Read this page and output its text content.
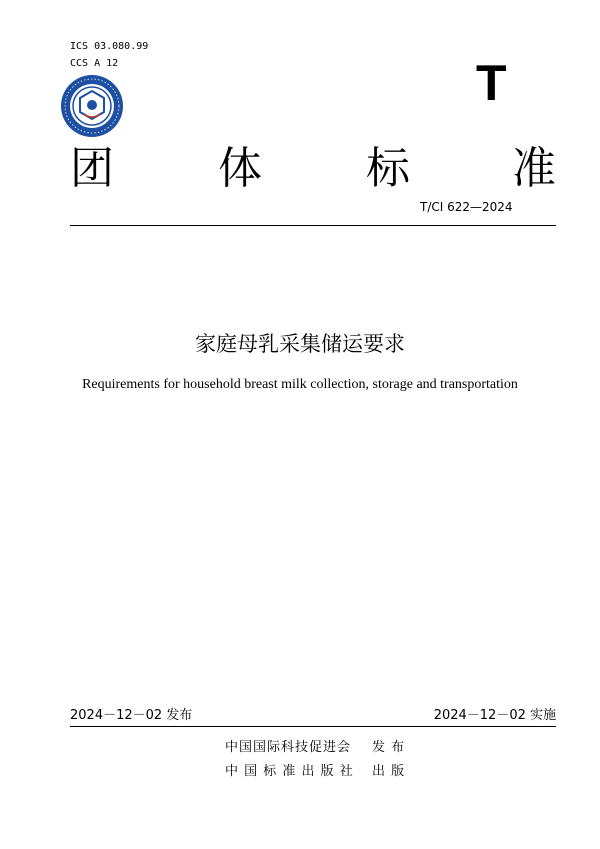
ICS 03.080.99
CCS A 12	T
团 体 标 准
T/CI 622—2024
家庭母乳采集储运要求
Requirements for household breast milk collection, storage and transportation
2024－12－02 发布	2024－12－02 实施
中国国际科技促进会 发 布
中 国 标 准 出 版 社 出 版
